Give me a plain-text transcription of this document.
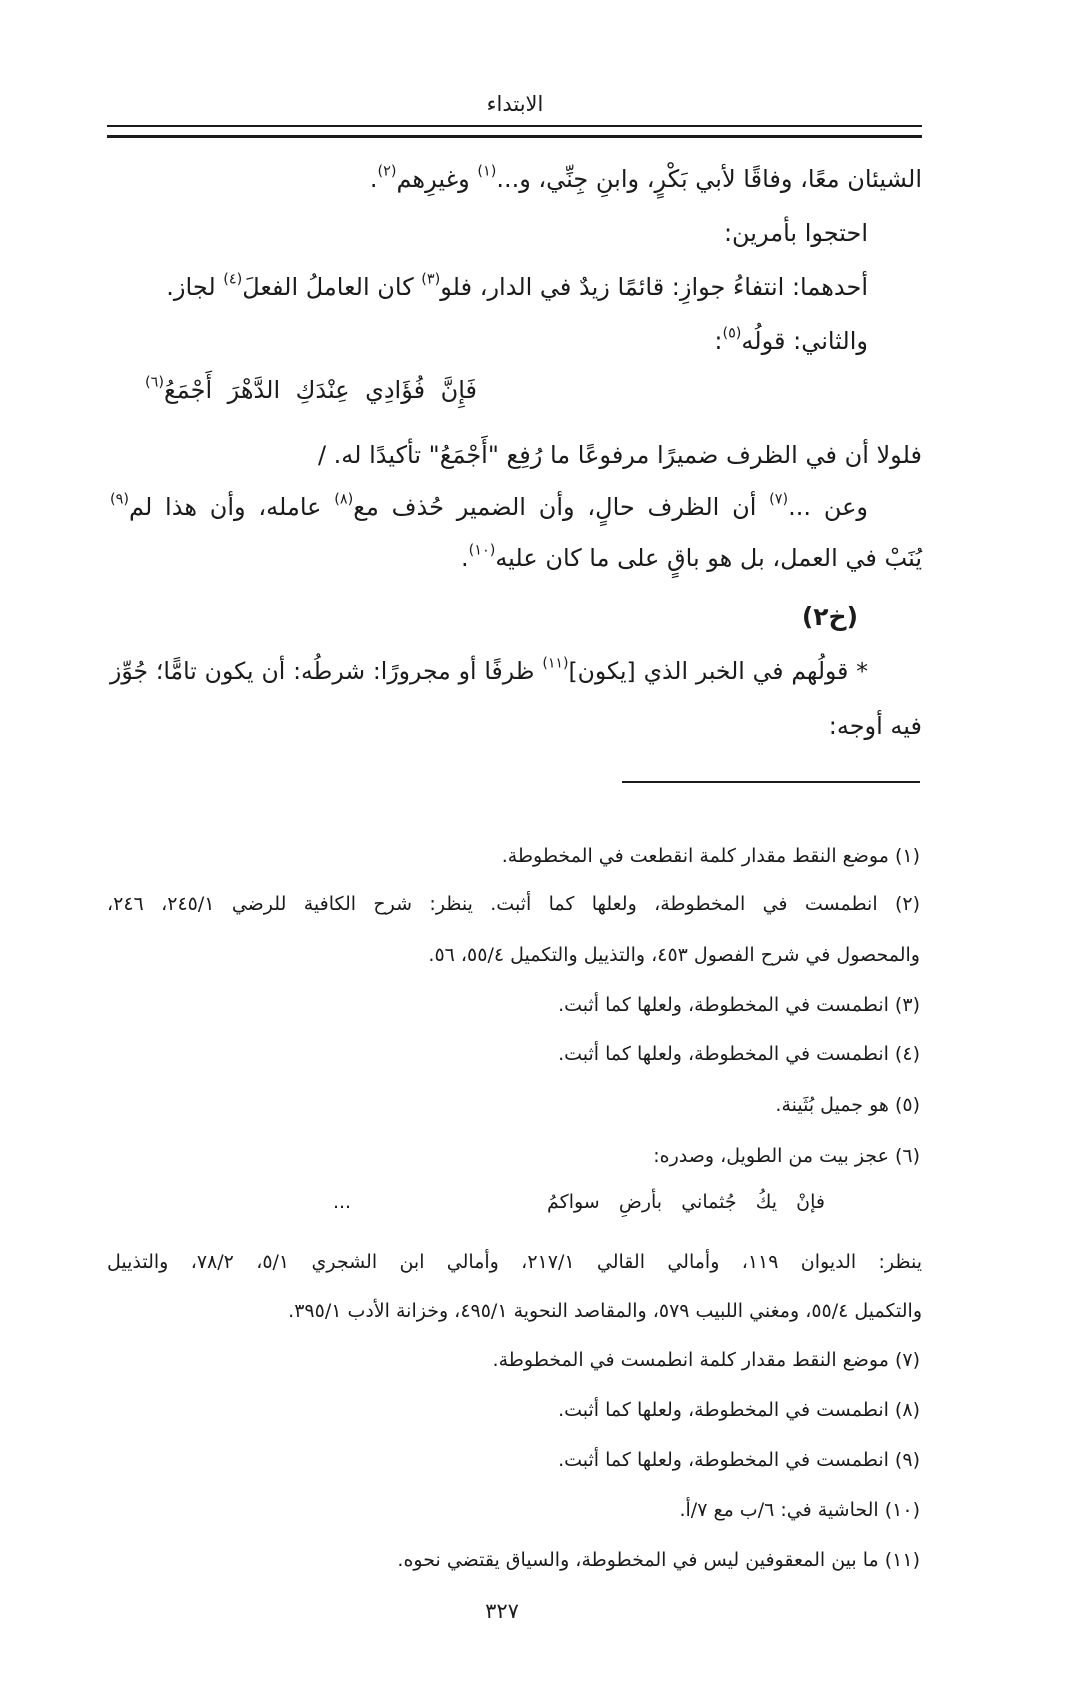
الابتداء
الشيئان معًا، وفاقًا لأبي بَكْرٍ، وابنِ جِنِّي، و...$^{(١)}$ وغيرِهم$^{(٢)}$.
احتجوا بأمرين:
أحدهما: انتفاءُ جوازِ: قائمًا زيدٌ في الدار، فلو$^{(٣)}$ كان العاملُ الفعلَ$^{(٤)}$ لجاز.
والثاني: قولُه$^{(٥)}$:
فَإِنَّ فُؤَادِي عِنْدَكِ الدَّهْرَ أَجْمَعُ$^{(٦)}$
فلولا أن في الظرف ضميرًا مرفوعًا ما رُفِع "أَجْمَعُ" تأكيدًا له. /
وعن ...$^{(٧)}$ أن الظرف حالٍ، وأن الضمير حُذف مع$^{(٨)}$ عامله، وأن هذا لم$^{(٩)}$
يُنَبْ في العمل، بل هو باقٍ على ما كان عليه$^{(١٠)}$.
(خ٢)
* قولُهم في الخبر الذي [يكون]$^{(١١)}$ ظرفًا أو مجرورًا: شرطُه: أن يكون تامًّا؛ جُوِّز
فيه أوجه:
(١) موضع النقط مقدار كلمة انقطعت في المخطوطة.
(٢) انطمست في المخطوطة، ولعلها كما أثبت. ينظر: شرح الكافية للرضي ٢٤٥/١، ٢٤٦،
والمحصول في شرح الفصول ٤٥٣، والتذييل والتكميل ٥٥/٤، ٥٦.
(٣) انطمست في المخطوطة، ولعلها كما أثبت.
(٤) انطمست في المخطوطة، ولعلها كما أثبت.
(٥) هو جميل بُثَينة.
(٦) عجز بيت من الطويل، وصدره:
فإنْ يكُ جُثماني بأرضِ سواكمُ
...
ينظر: الديوان ١١٩، وأمالي القالي ٢١٧/١، وأمالي ابن الشجري ٥/١، ٧٨/٢، والتذييل
والتكميل ٥٥/٤، ومغني اللبيب ٥٧٩، والمقاصد النحوية ٤٩٥/١، وخزانة الأدب ٣٩٥/١.
(٧) موضع النقط مقدار كلمة انطمست في المخطوطة.
(٨) انطمست في المخطوطة، ولعلها كما أثبت.
(٩) انطمست في المخطوطة، ولعلها كما أثبت.
(١٠) الحاشية في: ٦/ب مع ٧/أ.
(١١) ما بين المعقوفين ليس في المخطوطة، والسياق يقتضي نحوه.
٣٢٧
